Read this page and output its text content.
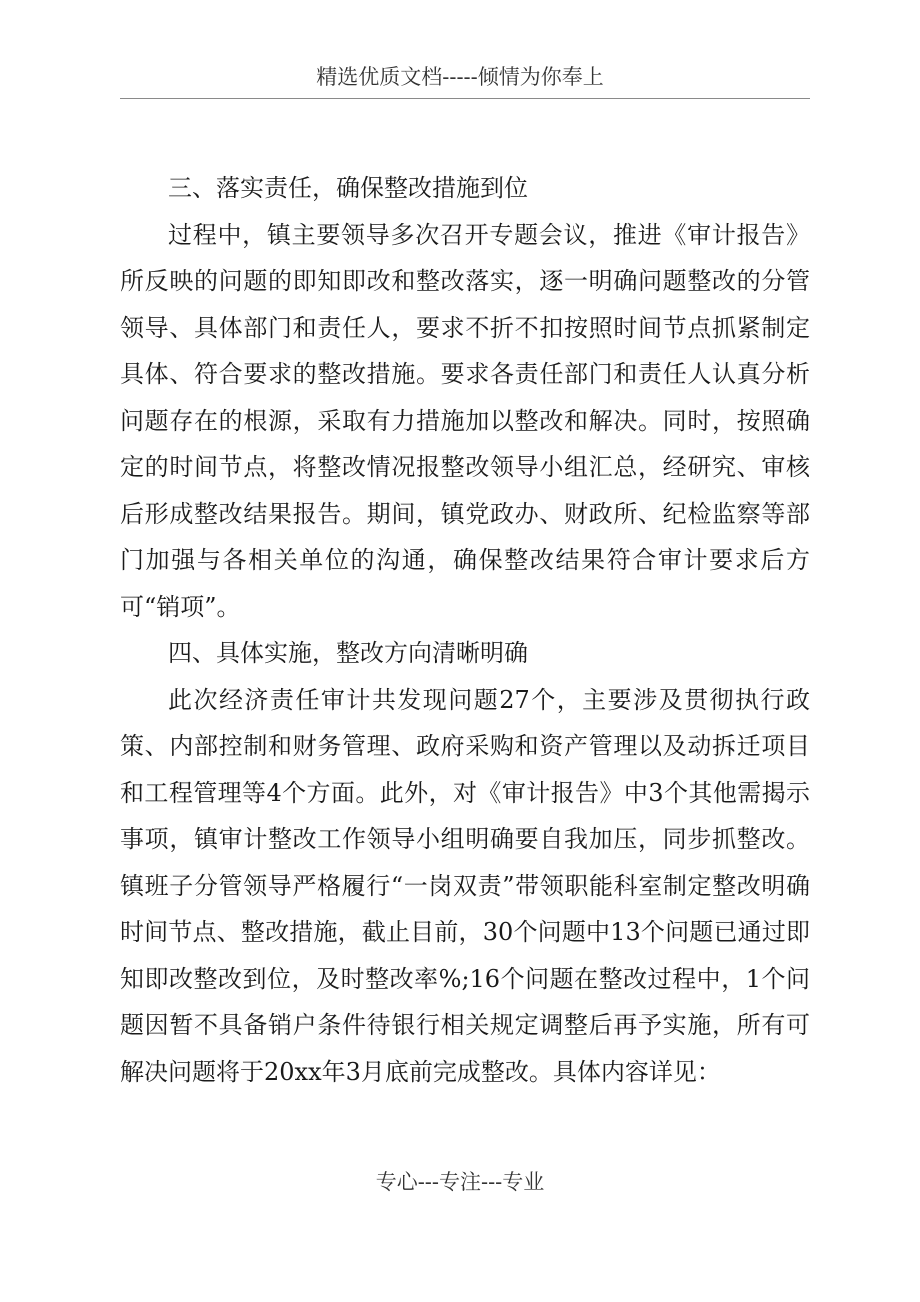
精选优质文档-----倾情为你奉上

三、落实责任，确保整改措施到位

过程中，镇主要领导多次召开专题会议，推进《审计报告》所反映的问题的即知即改和整改落实，逐一明确问题整改的分管领导、具体部门和责任人，要求不折不扣按照时间节点抓紧制定具体、符合要求的整改措施。要求各责任部门和责任人认真分析问题存在的根源，采取有力措施加以整改和解决。同时，按照确定的时间节点，将整改情况报整改领导小组汇总，经研究、审核后形成整改结果报告。期间，镇党政办、财政所、纪检监察等部门加强与各相关单位的沟通，确保整改结果符合审计要求后方可“销项”。

四、具体实施，整改方向清晰明确

此次经济责任审计共发现问题27个，主要涉及贯彻执行政策、内部控制和财务管理、政府采购和资产管理以及动拆迁项目和工程管理等4个方面。此外，对《审计报告》中3个其他需揭示事项，镇审计整改工作领导小组明确要自我加压，同步抓整改。镇班子分管领导严格履行“一岗双责”带领职能科室制定整改明确时间节点、整改措施，截止目前，30个问题中13个问题已通过即知即改整改到位，及时整改率%;16个问题在整改过程中，1个问题因暂不具备销户条件待银行相关规定调整后再予实施，所有可解决问题将于20xx年3月底前完成整改。具体内容详见：

专心---专注---专业
